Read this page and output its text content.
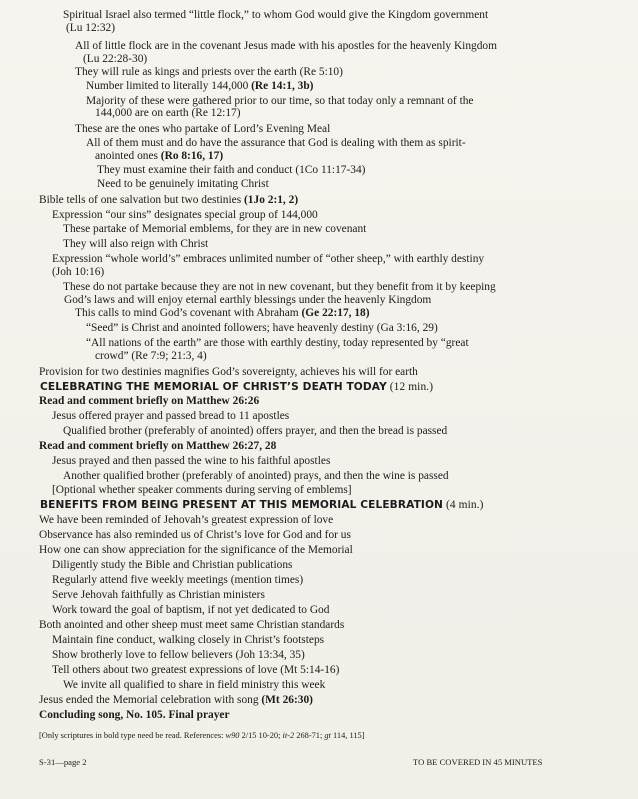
Spiritual Israel also termed “little flock,” to whom God would give the Kingdom government
(Lu 12:32)
All of little flock are in the covenant Jesus made with his apostles for the heavenly Kingdom
(Lu 22:28-30)
They will rule as kings and priests over the earth (Re 5:10)
Number limited to literally 144,000 (Re 14:1, 3b)
Majority of these were gathered prior to our time, so that today only a remnant of the
144,000 are on earth (Re 12:17)
These are the ones who partake of Lord’s Evening Meal
All of them must and do have the assurance that God is dealing with them as spirit-
anointed ones (Ro 8:16, 17)
They must examine their faith and conduct (1Co 11:17-34)
Need to be genuinely imitating Christ
Bible tells of one salvation but two destinies (1Jo 2:1, 2)
Expression “our sins” designates special group of 144,000
These partake of Memorial emblems, for they are in new covenant
They will also reign with Christ
Expression “whole world’s” embraces unlimited number of “other sheep,” with earthly destiny
(Joh 10:16)
These do not partake because they are not in new covenant, but they benefit from it by keeping
God’s laws and will enjoy eternal earthly blessings under the heavenly Kingdom
This calls to mind God’s covenant with Abraham (Ge 22:17, 18)
“Seed” is Christ and anointed followers; have heavenly destiny (Ga 3:16, 29)
“All nations of the earth” are those with earthly destiny, today represented by “great
crowd” (Re 7:9; 21:3, 4)
Provision for two destinies magnifies God’s sovereignty, achieves his will for earth
CELEBRATING THE MEMORIAL OF CHRIST’S DEATH TODAY (12 min.)
Read and comment briefly on Matthew 26:26
Jesus offered prayer and passed bread to 11 apostles
Qualified brother (preferably of anointed) offers prayer, and then the bread is passed
Read and comment briefly on Matthew 26:27, 28
Jesus prayed and then passed the wine to his faithful apostles
Another qualified brother (preferably of anointed) prays, and then the wine is passed
[Optional whether speaker comments during serving of emblems]
BENEFITS FROM BEING PRESENT AT THIS MEMORIAL CELEBRATION (4 min.)
We have been reminded of Jehovah’s greatest expression of love
Observance has also reminded us of Christ’s love for God and for us
How one can show appreciation for the significance of the Memorial
Diligently study the Bible and Christian publications
Regularly attend five weekly meetings (mention times)
Serve Jehovah faithfully as Christian ministers
Work toward the goal of baptism, if not yet dedicated to God
Both anointed and other sheep must meet same Christian standards
Maintain fine conduct, walking closely in Christ’s footsteps
Show brotherly love to fellow believers (Joh 13:34, 35)
Tell others about two greatest expressions of love (Mt 5:14-16)
We invite all qualified to share in field ministry this week
Jesus ended the Memorial celebration with song (Mt 26:30)
Concluding song, No. 105. Final prayer
[Only scriptures in bold type need be read. References: w90 2/15 10-20; it-2 268-71; gt 114, 115]
S-31—page 2	TO BE COVERED IN 45 MINUTES
